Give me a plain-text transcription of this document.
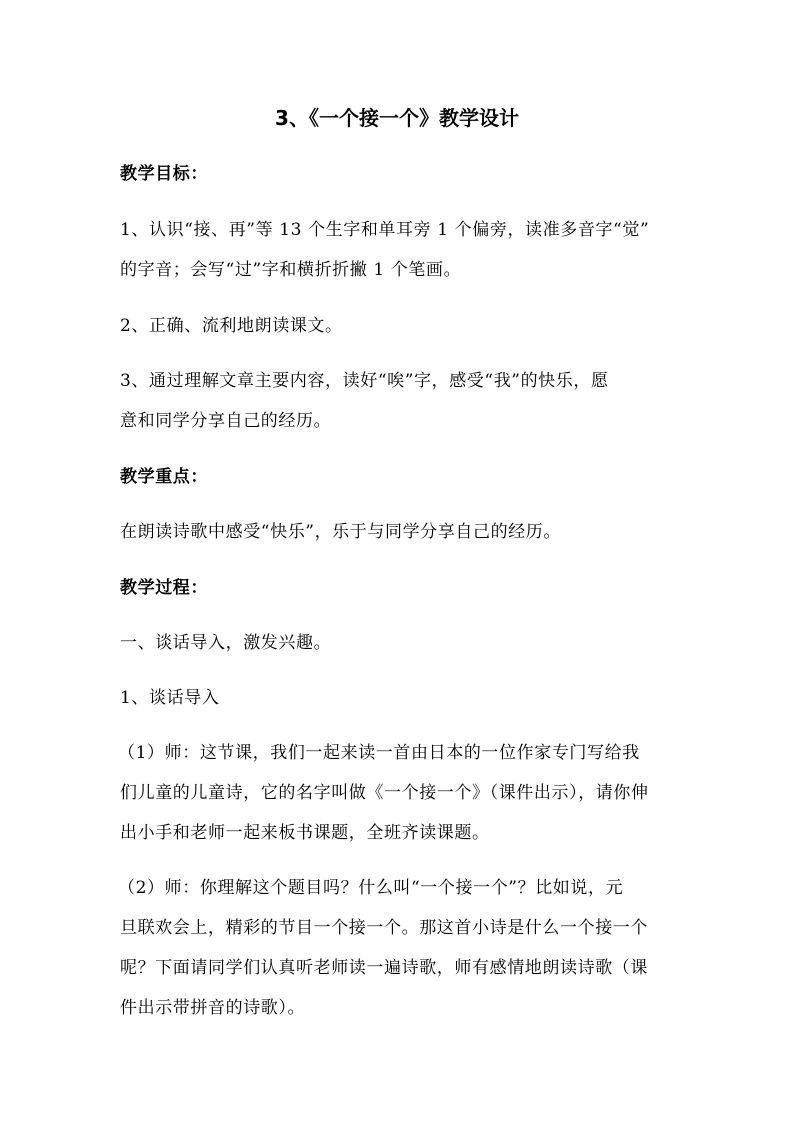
3、《一个接一个》教学设计
教学目标：
1、认识“接、再”等 13 个生字和单耳旁 1 个偏旁，读准多音字“觉”
的字音；会写“过”字和横折折撇 1 个笔画。
2、正确、流利地朗读课文。
3、通过理解文章主要内容，读好“唉”字，感受“我”的快乐，愿
意和同学分享自己的经历。
教学重点：
在朗读诗歌中感受“快乐”，乐于与同学分享自己的经历。
教学过程：
一、谈话导入，激发兴趣。
1、谈话导入
（1）师：这节课，我们一起来读一首由日本的一位作家专门写给我
们儿童的儿童诗，它的名字叫做《一个接一个》（课件出示），请你伸
出小手和老师一起来板书课题，全班齐读课题。
（2）师：你理解这个题目吗？什么叫“一个接一个”？比如说，元
旦联欢会上，精彩的节目一个接一个。那这首小诗是什么一个接一个
呢？下面请同学们认真听老师读一遍诗歌，师有感情地朗读诗歌（课
件出示带拼音的诗歌）。
